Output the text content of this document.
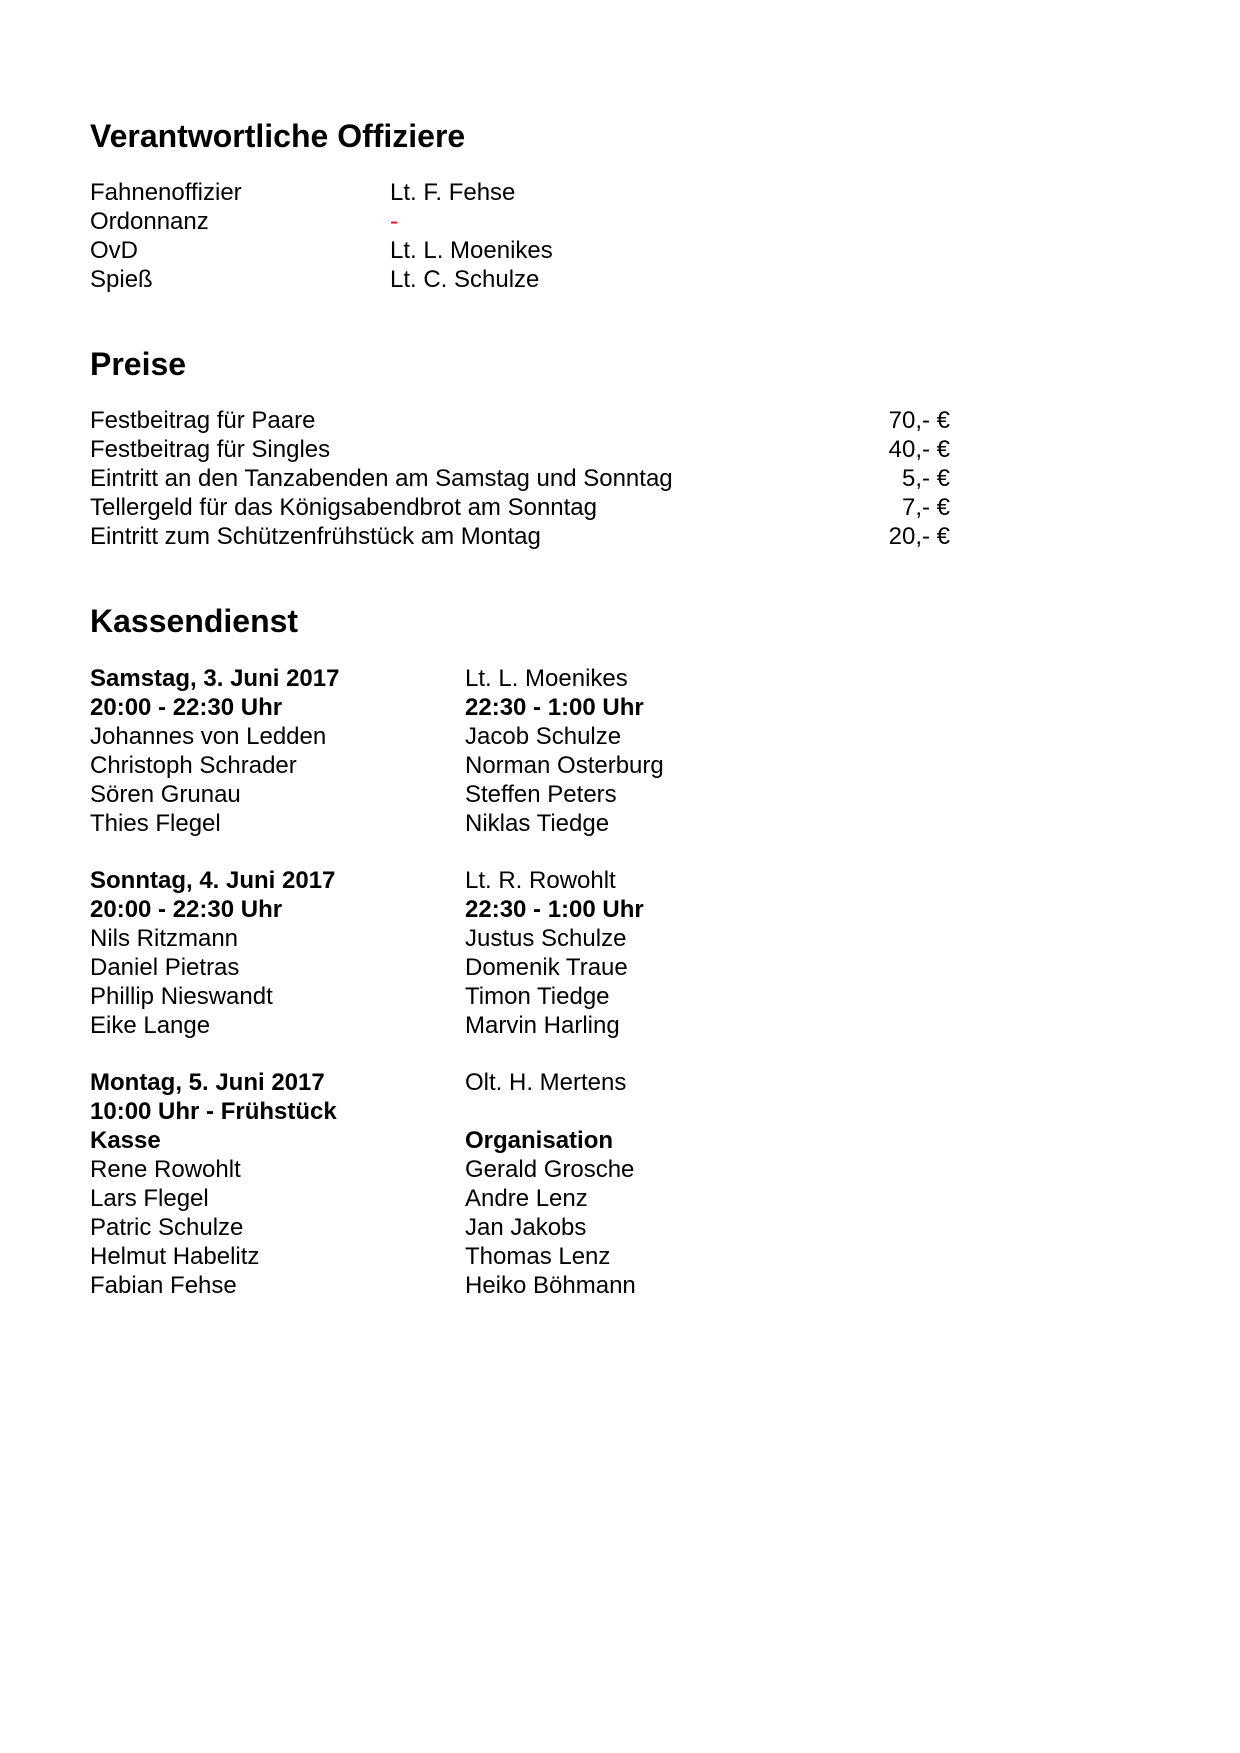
Verantwortliche Offiziere
Fahnenoffizier	Lt. F. Fehse
Ordonnanz	-
OvD	Lt. L. Moenikes
Spieß	Lt. C. Schulze
Preise
Festbeitrag für Paare	70,- €
Festbeitrag für Singles	40,- €
Eintritt an den Tanzabenden am Samstag und Sonntag	5,- €
Tellergeld für das Königsabendbrot am Sonntag	7,- €
Eintritt zum Schützenfrühstück am Montag	20,- €
Kassendienst
Samstag, 3. Juni 2017	Lt. L. Moenikes
20:00 - 22:30 Uhr	22:30 - 1:00 Uhr
Johannes von Ledden	Jacob Schulze
Christoph Schrader	Norman Osterburg
Sören Grunau	Steffen Peters
Thies Flegel	Niklas Tiedge
Sonntag, 4. Juni 2017	Lt. R. Rowohlt
20:00 - 22:30 Uhr	22:30 - 1:00 Uhr
Nils Ritzmann	Justus Schulze
Daniel Pietras	Domenik Traue
Phillip Nieswandt	Timon Tiedge
Eike Lange	Marvin Harling
Montag, 5. Juni 2017	Olt. H. Mertens
10:00 Uhr - Frühstück
Kasse	Organisation
Rene Rowohlt	Gerald Grosche
Lars Flegel	Andre Lenz
Patric Schulze	Jan Jakobs
Helmut Habelitz	Thomas Lenz
Fabian Fehse	Heiko Böhmann
